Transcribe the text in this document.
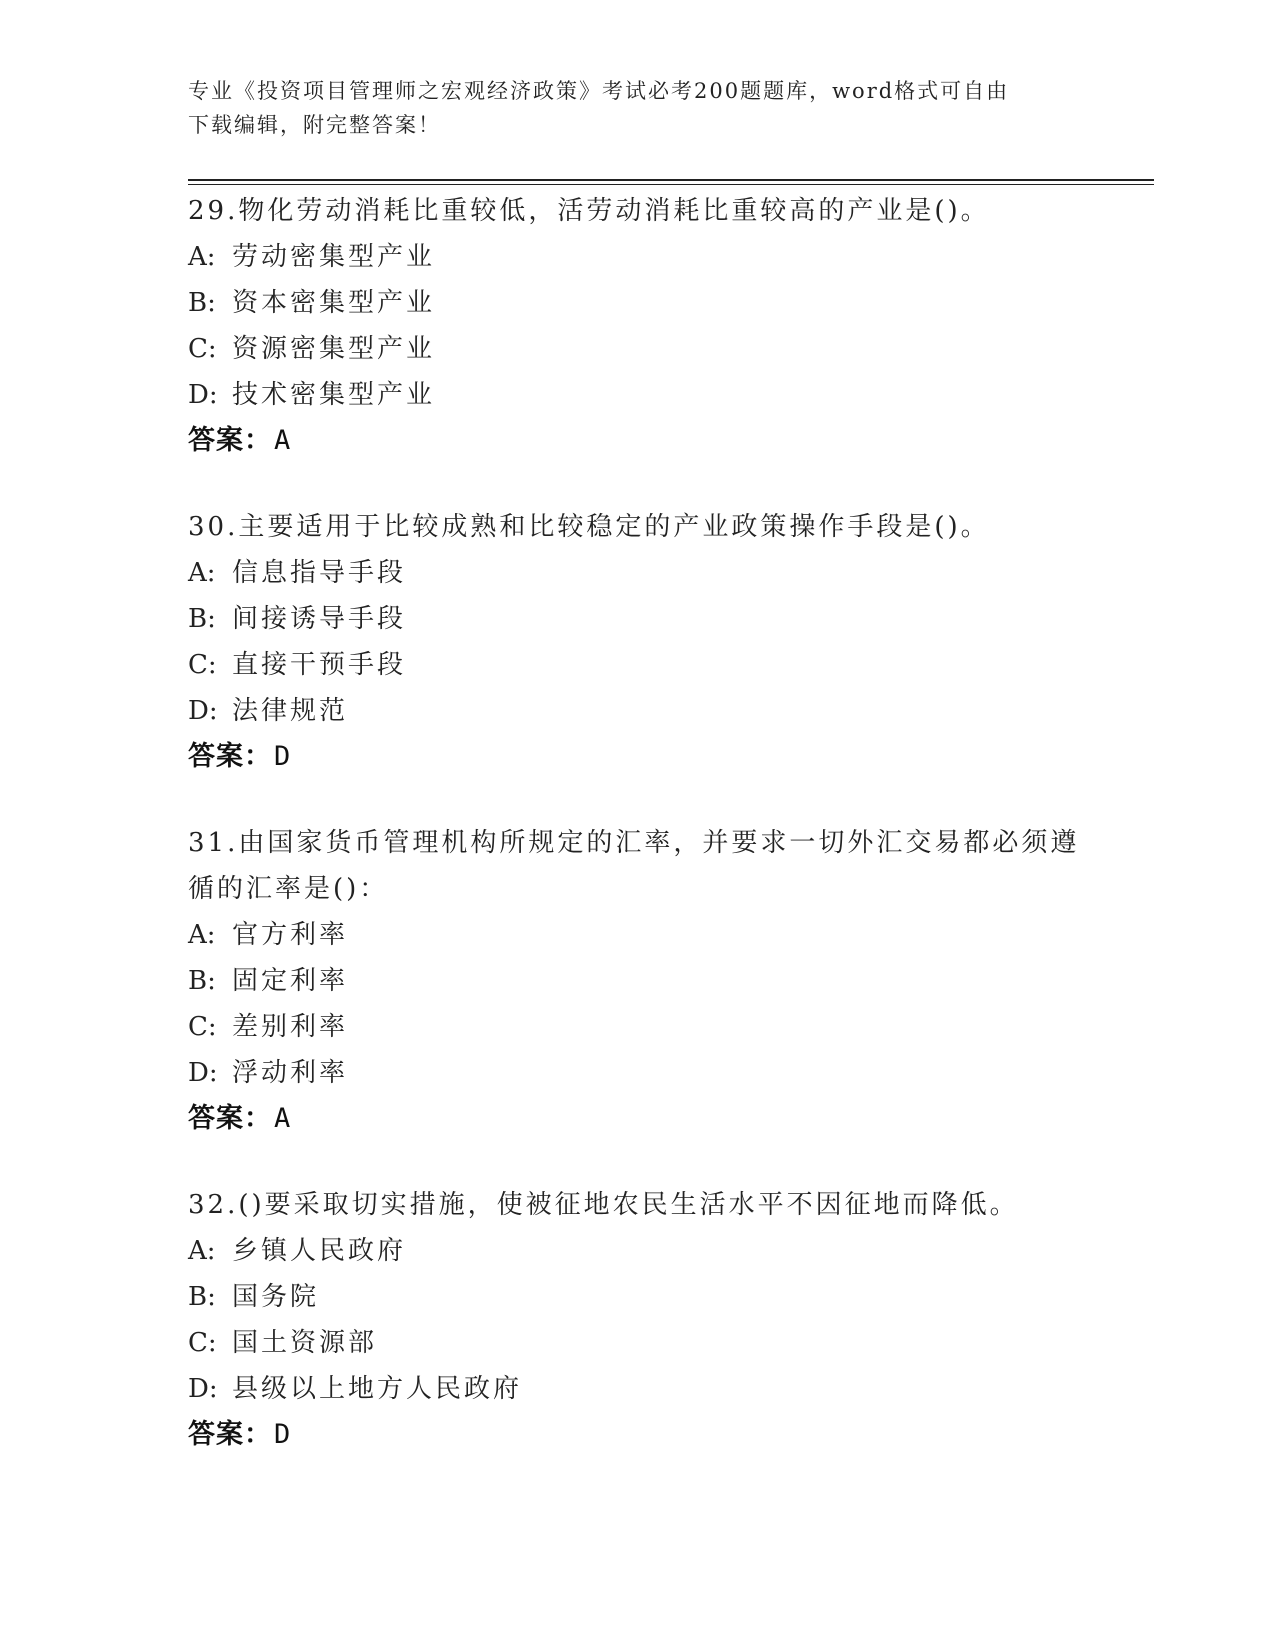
专业《投资项目管理师之宏观经济政策》考试必考200题题库，word格式可自由
下载编辑，附完整答案！
29.物化劳动消耗比重较低，活劳动消耗比重较高的产业是()。
A: 劳动密集型产业
B: 资本密集型产业
C: 资源密集型产业
D: 技术密集型产业
答案：A
30.主要适用于比较成熟和比较稳定的产业政策操作手段是()。
A: 信息指导手段
B: 间接诱导手段
C: 直接干预手段
D: 法律规范
答案：D
31.由国家货币管理机构所规定的汇率，并要求一切外汇交易都必须遵循的汇率是()：
A: 官方利率
B: 固定利率
C: 差别利率
D: 浮动利率
答案：A
32.()要采取切实措施，使被征地农民生活水平不因征地而降低。
A: 乡镇人民政府
B: 国务院
C: 国土资源部
D: 县级以上地方人民政府
答案：D
